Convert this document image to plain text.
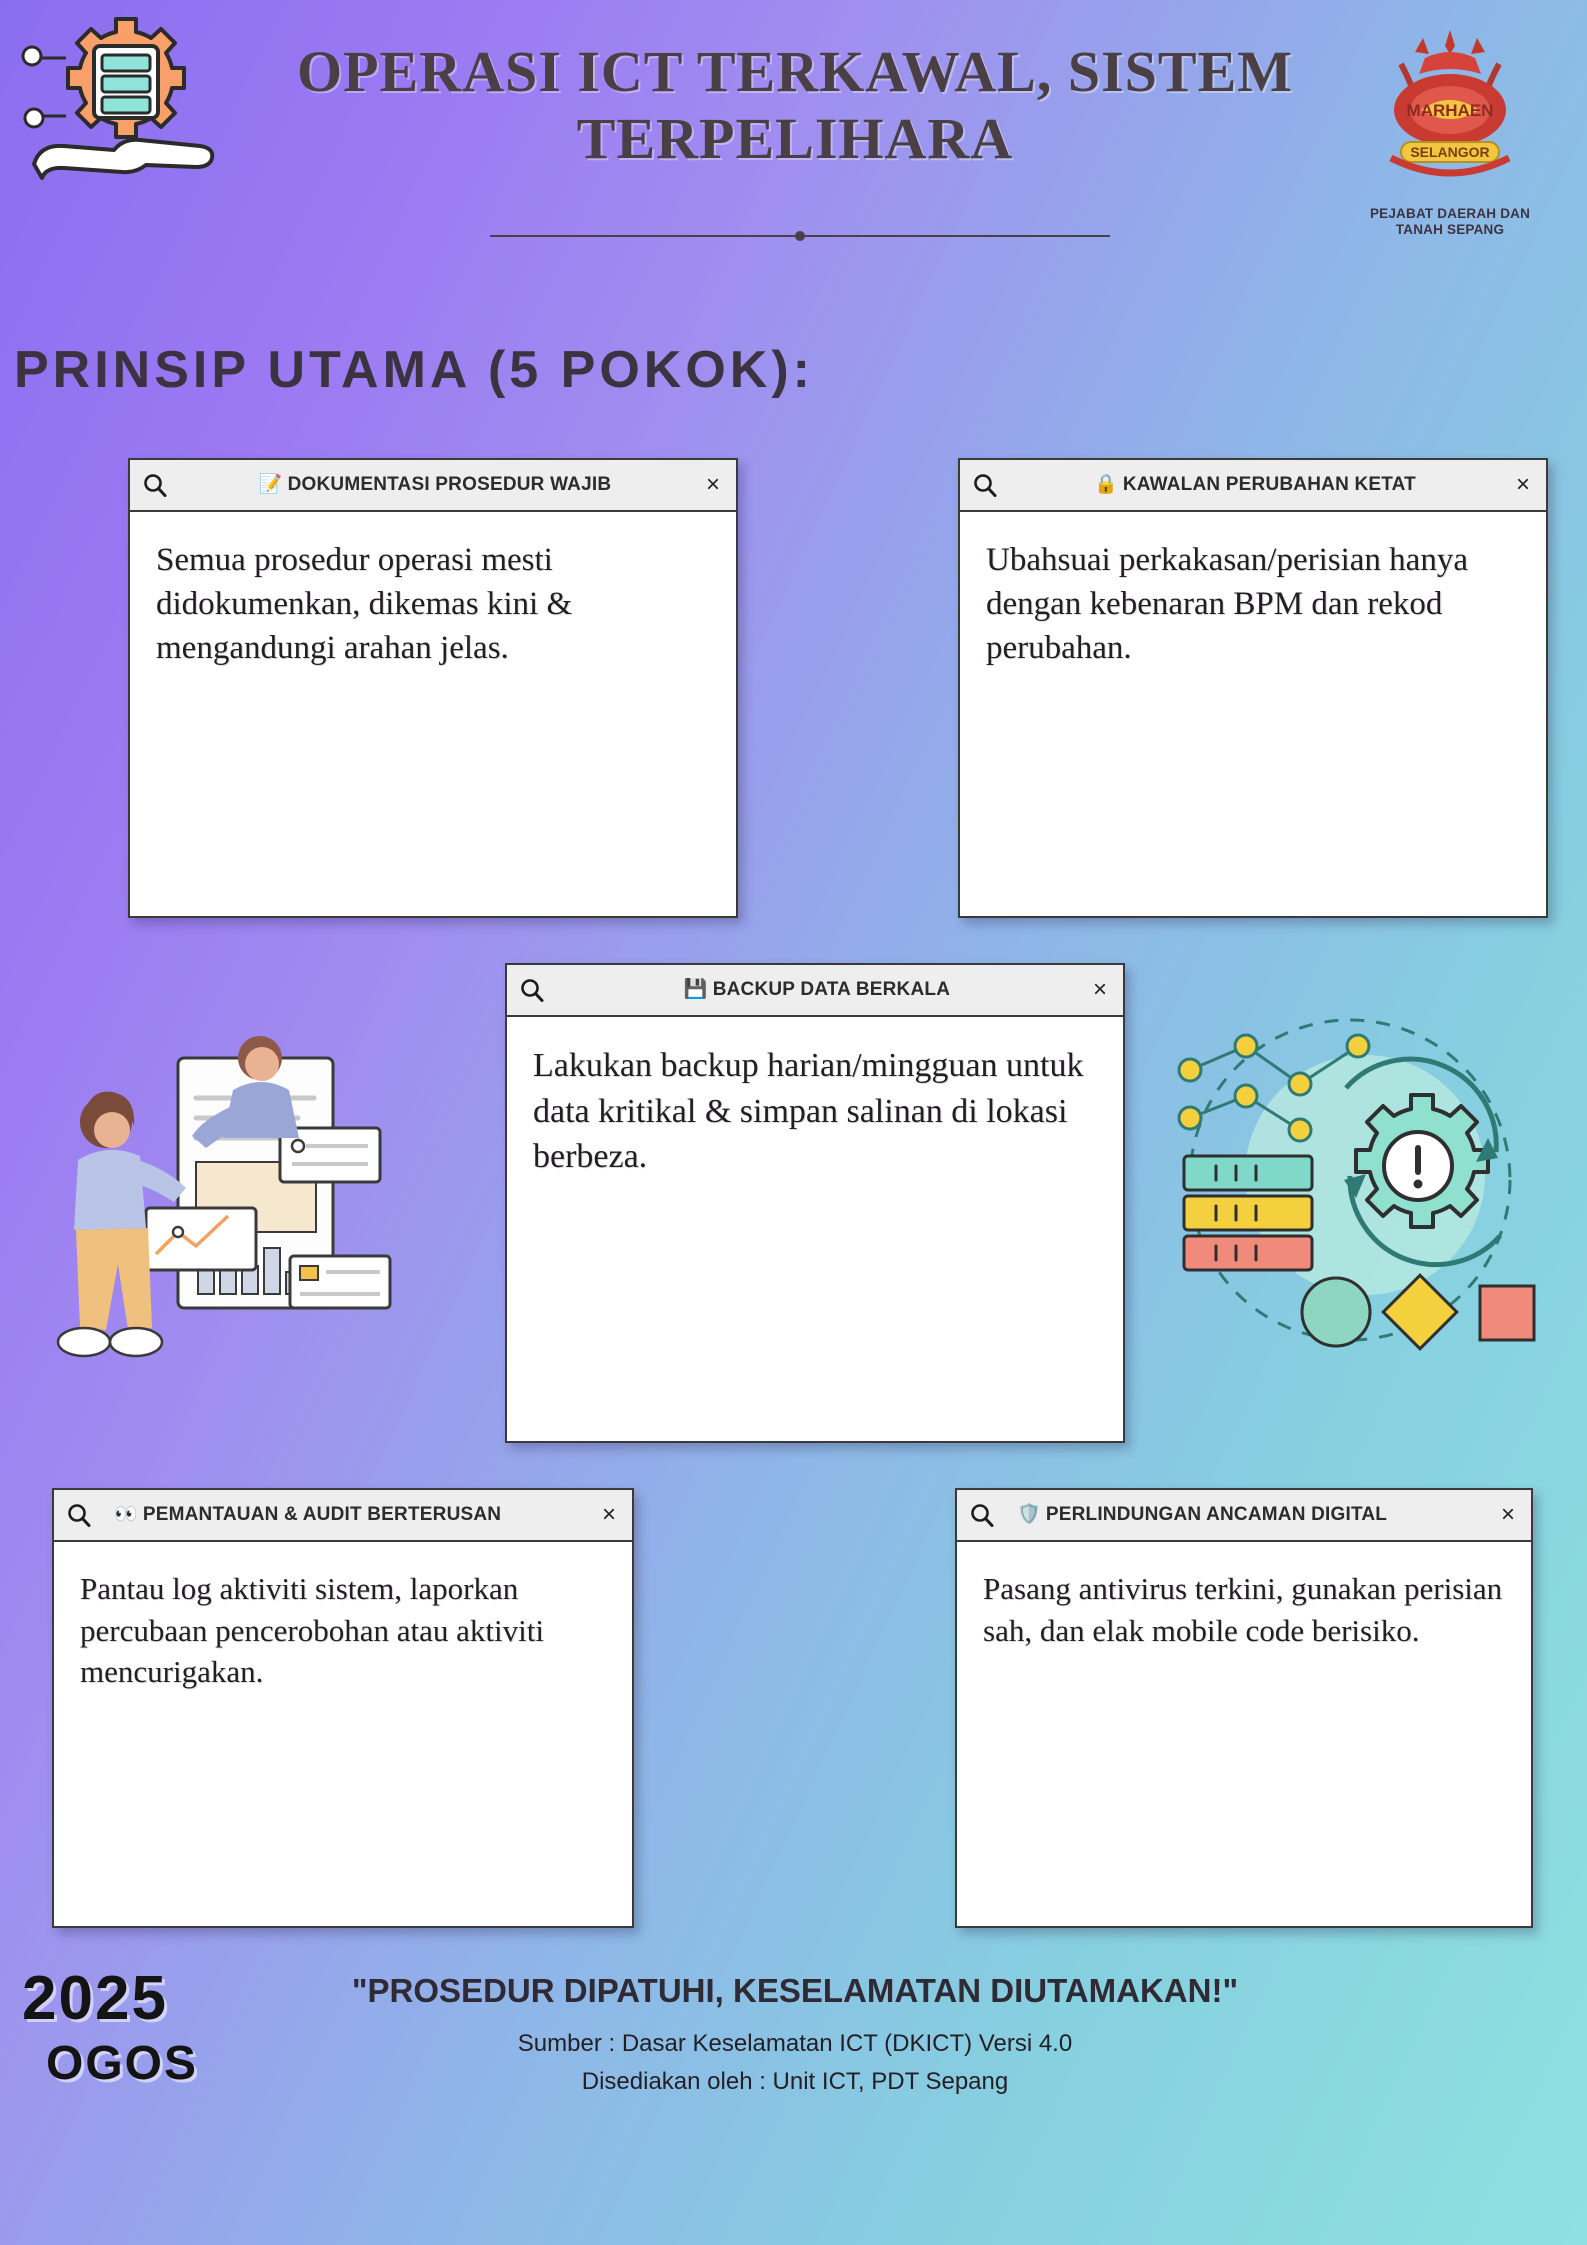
OPERASI ICT TERKAWAL, SISTEM TERPELIHARA	MARHAEN
SELANGOR
PEJABAT DAERAH DAN TANAH SEPANG
PRINSIP UTAMA (5 POKOK):
📝 DOKUMENTASI PROSEDUR WAJIB	×
Semua prosedur operasi mesti didokumenkan, dikemas kini & mengandungi arahan jelas.
🔒 KAWALAN PERUBAHAN KETAT	×
Ubahsuai perkakasan/perisian hanya dengan kebenaran BPM dan rekod perubahan.
💾 BACKUP DATA BERKALA	×
Lakukan backup harian/mingguan untuk data kritikal & simpan salinan di lokasi berbeza.
👀 PEMANTAUAN & AUDIT BERTERUSAN	×
Pantau log aktiviti sistem, laporkan percubaan pencerobohan atau aktiviti mencurigakan.
🛡️ PERLINDUNGAN ANCAMAN DIGITAL	×
Pasang antivirus terkini, gunakan perisian sah, dan elak mobile code berisiko.
"PROSEDUR DIPATUHI, KESELAMATAN DIUTAMAKAN!"
Sumber : Dasar Keselamatan ICT (DKICT) Versi 4.0
Disediakan oleh : Unit ICT, PDT Sepang
2025
OGOS
